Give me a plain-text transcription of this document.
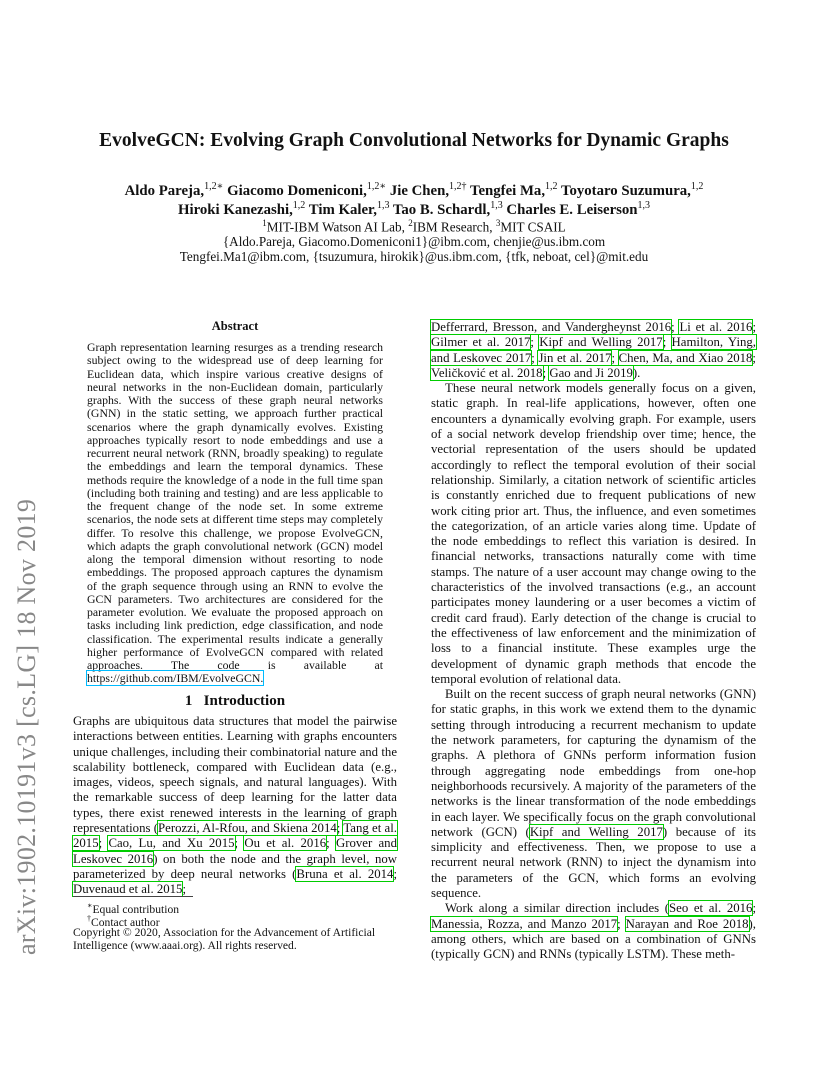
arXiv:1902.10191v3 [cs.LG] 18 Nov 2019
EvolveGCN: Evolving Graph Convolutional Networks for Dynamic Graphs
Aldo Pareja,$^{1,2∗}$ Giacomo Domeniconi,$^{1,2∗}$ Jie Chen,$^{1,2\dagger}$ Tengfei Ma,$^{1,2}$ Toyotaro Suzumura,$^{1,2}$
Hiroki Kanezashi,$^{1,2}$ Tim Kaler,$^{1,3}$ Tao B. Schardl,$^{1,3}$ Charles E. Leiserson$^{1,3}$
$^1$MIT-IBM Watson AI Lab, $^2$IBM Research, $^3$MIT CSAIL
{Aldo.Pareja, Giacomo.Domeniconi1}@ibm.com, chenjie@us.ibm.com
Tengfei.Ma1@ibm.com, {tsuzumura, hirokik}@us.ibm.com, {tfk, neboat, cel}@mit.edu
Abstract
Graph representation learning resurges as a trending research subject owing to the widespread use of deep learning for Euclidean data, which inspire various creative designs of neural networks in the non-Euclidean domain, particularly graphs. With the success of these graph neural networks (GNN) in the static setting, we approach further practical scenarios where the graph dynamically evolves. Existing approaches typically resort to node embeddings and use a recurrent neural network (RNN, broadly speaking) to regulate the embeddings and learn the temporal dynamics. These methods require the knowledge of a node in the full time span (including both training and testing) and are less applicable to the frequent change of the node set. In some extreme scenarios, the node sets at different time steps may completely differ. To resolve this challenge, we propose EvolveGCN, which adapts the graph convolutional network (GCN) model along the temporal dimension without resorting to node embeddings. The proposed approach captures the dynamism of the graph sequence through using an RNN to evolve the GCN parameters. Two architectures are considered for the parameter evolution. We evaluate the proposed approach on tasks including link prediction, edge classification, and node classification. The experimental results indicate a generally higher performance of EvolveGCN compared with related approaches. The code is available at https://github.com/IBM/EvolveGCN.
1 Introduction
Graphs are ubiquitous data structures that model the pairwise interactions between entities. Learning with graphs encounters unique challenges, including their combinatorial nature and the scalability bottleneck, compared with Euclidean data (e.g., images, videos, speech signals, and natural languages). With the remarkable success of deep learning for the latter data types, there exist renewed interests in the learning of graph representations (Perozzi, Al-Rfou, and Skiena 2014; Tang et al. 2015; Cao, Lu, and Xu 2015; Ou et al. 2016; Grover and Leskovec 2016) on both the node and the graph level, now parameterized by deep neural networks (Bruna et al. 2014; Duvenaud et al. 2015;
∗Equal contribution
†Contact author
Copyright © 2020, Association for the Advancement of Artificial
Intelligence (www.aaai.org). All rights reserved.

Defferrard, Bresson, and Vandergheynst 2016; Li et al. 2016; Gilmer et al. 2017; Kipf and Welling 2017; Hamilton, Ying, and Leskovec 2017; Jin et al. 2017; Chen, Ma, and Xiao 2018; Veličković et al. 2018; Gao and Ji 2019).

These neural network models generally focus on a given, static graph. In real-life applications, however, often one encounters a dynamically evolving graph. For example, users of a social network develop friendship over time; hence, the vectorial representation of the users should be updated accordingly to reflect the temporal evolution of their social relationship. Similarly, a citation network of scientific articles is constantly enriched due to frequent publications of new work citing prior art. Thus, the influence, and even sometimes the categorization, of an article varies along time. Update of the node embeddings to reflect this variation is desired. In financial networks, transactions naturally come with time stamps. The nature of a user account may change owing to the characteristics of the involved transactions (e.g., an account participates money laundering or a user becomes a victim of credit card fraud). Early detection of the change is crucial to the effectiveness of law enforcement and the minimization of loss to a financial institute. These examples urge the development of dynamic graph methods that encode the temporal evolution of relational data.

Built on the recent success of graph neural networks (GNN) for static graphs, in this work we extend them to the dynamic setting through introducing a recurrent mechanism to update the network parameters, for capturing the dynamism of the graphs. A plethora of GNNs perform information fusion through aggregating node embeddings from one-hop neighborhoods recursively. A majority of the parameters of the networks is the linear transformation of the node embeddings in each layer. We specifically focus on the graph convolutional network (GCN) (Kipf and Welling 2017) because of its simplicity and effectiveness. Then, we propose to use a recurrent neural network (RNN) to inject the dynamism into the parameters of the GCN, which forms an evolving sequence.

Work along a similar direction includes (Seo et al. 2016; Manessia, Rozza, and Manzo 2017; Narayan and Roe 2018), among others, which are based on a combination of GNNs (typically GCN) and RNNs (typically LSTM). These meth-
